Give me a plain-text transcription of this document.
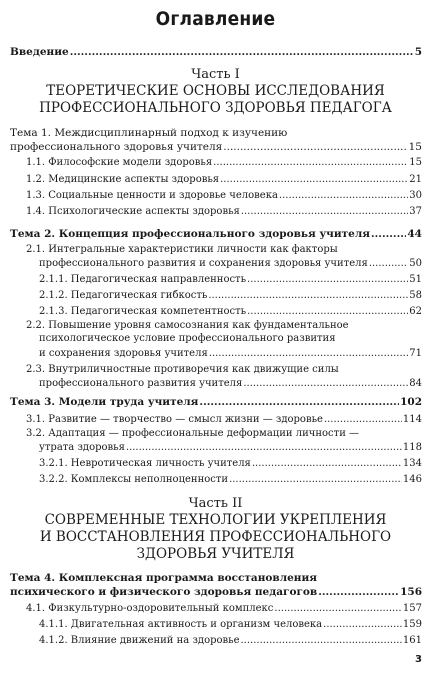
Оглавление
Введение .....	5
Часть I
ТЕОРЕТИЧЕСКИЕ ОСНОВЫ ИССЛЕДОВАНИЯ
ПРОФЕССИОНАЛЬНОГО ЗДОРОВЬЯ ПЕДАГОГА
Тема 1. Междисциплинарный подход к изучению
профессионального здоровья учителя .....	15
1.1. Философские модели здоровья .....	15
1.2. Медицинские аспекты здоровья .....	21
1.3. Социальные ценности и здоровье человека .....	30
1.4. Психологические аспекты здоровья .....	37
Тема 2. Концепция профессионального здоровья учителя .....	44
2.1. Интегральные характеристики личности как факторы
профессионального развития и сохранения здоровья учителя .....	50
2.1.1. Педагогическая направленность .....	51
2.1.2. Педагогическая гибкость .....	58
2.1.3. Педагогическая компетентность .....	62
2.2. Повышение уровня самосознания как фундаментальное
психологическое условие профессионального развития
и сохранения здоровья учителя .....	71
2.3. Внутриличностные противоречия как движущие силы
профессионального развития учителя .....	84
Тема 3. Модели труда учителя .....	102
3.1. Развитие — творчество — смысл жизни — здоровье .....	114
3.2. Адаптация — профессиональные деформации личности —
утрата здоровья .....	118
3.2.1. Невротическая личность учителя .....	134
3.2.2. Комплексы неполноценности .....	146
Часть II
СОВРЕМЕННЫЕ ТЕХНОЛОГИИ УКРЕПЛЕНИЯ
И ВОССТАНОВЛЕНИЯ ПРОФЕССИОНАЛЬНОГО
ЗДОРОВЬЯ УЧИТЕЛЯ
Тема 4. Комплексная программа восстановления
психического и физического здоровья педагогов .....	156
4.1. Физкультурно-оздоровительный комплекс .....	157
4.1.1. Двигательная активность и организм человека .....	159
4.1.2. Влияние движений на здоровье .....	161
3
